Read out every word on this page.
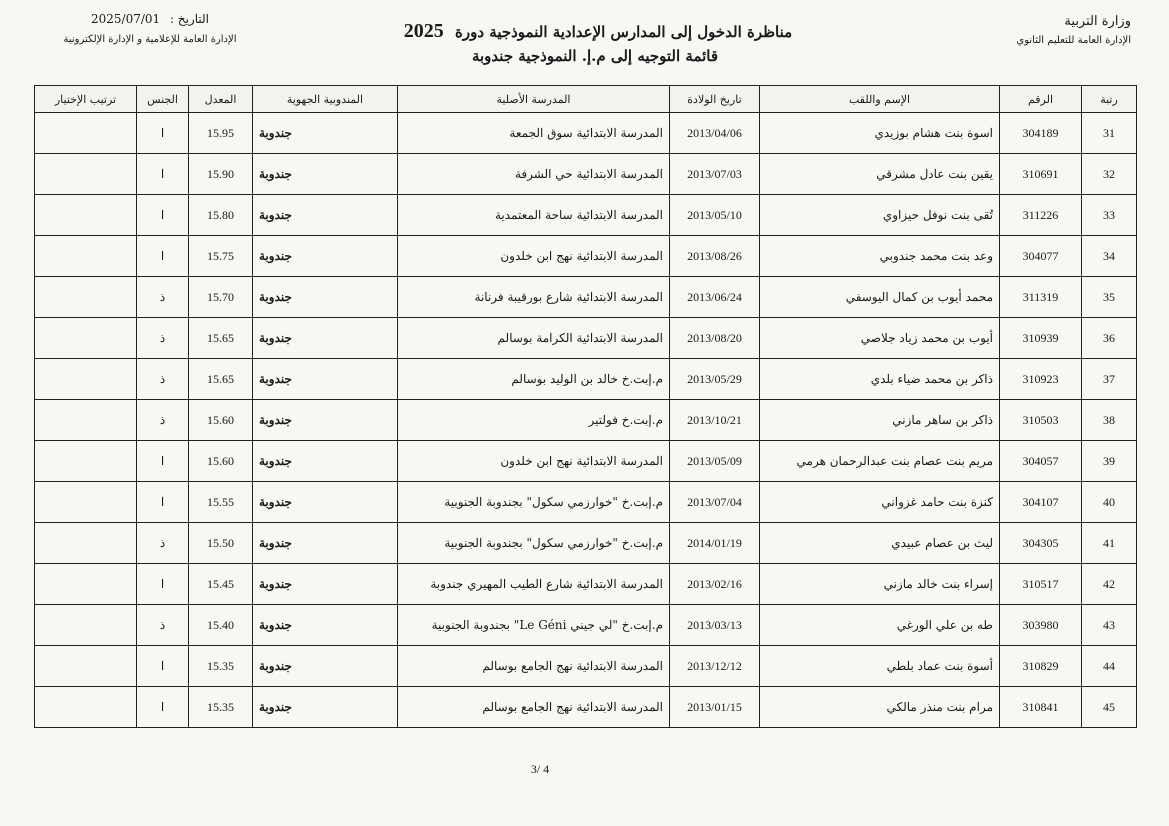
وزارة التربية
الإدارة العامة للتعليم الثانوي
مناظرة الدخول إلى المدارس الإعدادية النموذجية دورة 2025
قائمة التوجيه إلى م.إ. النموذجية جندوبة
التاريخ : 2025/07/01
الإدارة العامة للإعلامية و الإدارة الإلكترونية
رتبة	الرقم	الإسم واللقب	تاريخ الولادة	المدرسة الأصلية	المندوبية الجهوية	المعدل	الجنس	ترتيب الإختيار
31	304189	اسوة بنت هشام بوزيدي	2013/04/06	المدرسة الابتدائية سوق الجمعة	جندوبة	15.95	ا	
32	310691	يقين بنت عادل مشرقي	2013/07/03	المدرسة الابتدائية حي الشرفة	جندوبة	15.90	ا	
33	311226	تُقى بنت نوفل حيزاوي	2013/05/10	المدرسة الابتدائية ساحة المعتمدية	جندوبة	15.80	ا	
34	304077	وعد بنت محمد جندوبي	2013/08/26	المدرسة الابتدائية نهج ابن خلدون	جندوبة	15.75	ا	
35	311319	محمد أيوب بن كمال اليوسفي	2013/06/24	المدرسة الابتدائية شارع بورقيبة فرنانة	جندوبة	15.70	ذ	
36	310939	أيوب بن محمد زياد جلاصي	2013/08/20	المدرسة الابتدائية الكرامة بوسالم	جندوبة	15.65	ذ	
37	310923	ذاكر بن محمد ضياء بلدي	2013/05/29	م.إبت.خ خالد بن الوليد بوسالم	جندوبة	15.65	ذ	
38	310503	ذاكر بن ساهر مازني	2013/10/21	م.إبت.خ فولتير	جندوبة	15.60	ذ	
39	304057	مريم بنت عصام بنت عبدالرحمان هرمي	2013/05/09	المدرسة الابتدائية نهج ابن خلدون	جندوبة	15.60	ا	
40	304107	كنزة بنت حامد غزواني	2013/07/04	م.إبت.خ "خوارزمي سكول" بجندوبة الجنوبية	جندوبة	15.55	ا	
41	304305	ليث بن عصام عبيدي	2014/01/19	م.إبت.خ "خوارزمي سكول" بجندوبة الجنوبية	جندوبة	15.50	ذ	
42	310517	إسراء بنت خالد مازني	2013/02/16	المدرسة الابتدائية شارع الطيب المهيري جندوبة	جندوبة	15.45	ا	
43	303980	طه بن علي الورغي	2013/03/13	م.إبت.خ "لي جيني Le Géni" بجندوبة الجنوبية	جندوبة	15.40	ذ	
44	310829	أسوة بنت عماد بلطي	2013/12/12	المدرسة الابتدائية نهج الجامع بوسالم	جندوبة	15.35	ا	
45	310841	مرام بنت منذر مالكي	2013/01/15	المدرسة الابتدائية نهج الجامع بوسالم	جندوبة	15.35	ا	
3/ 4
